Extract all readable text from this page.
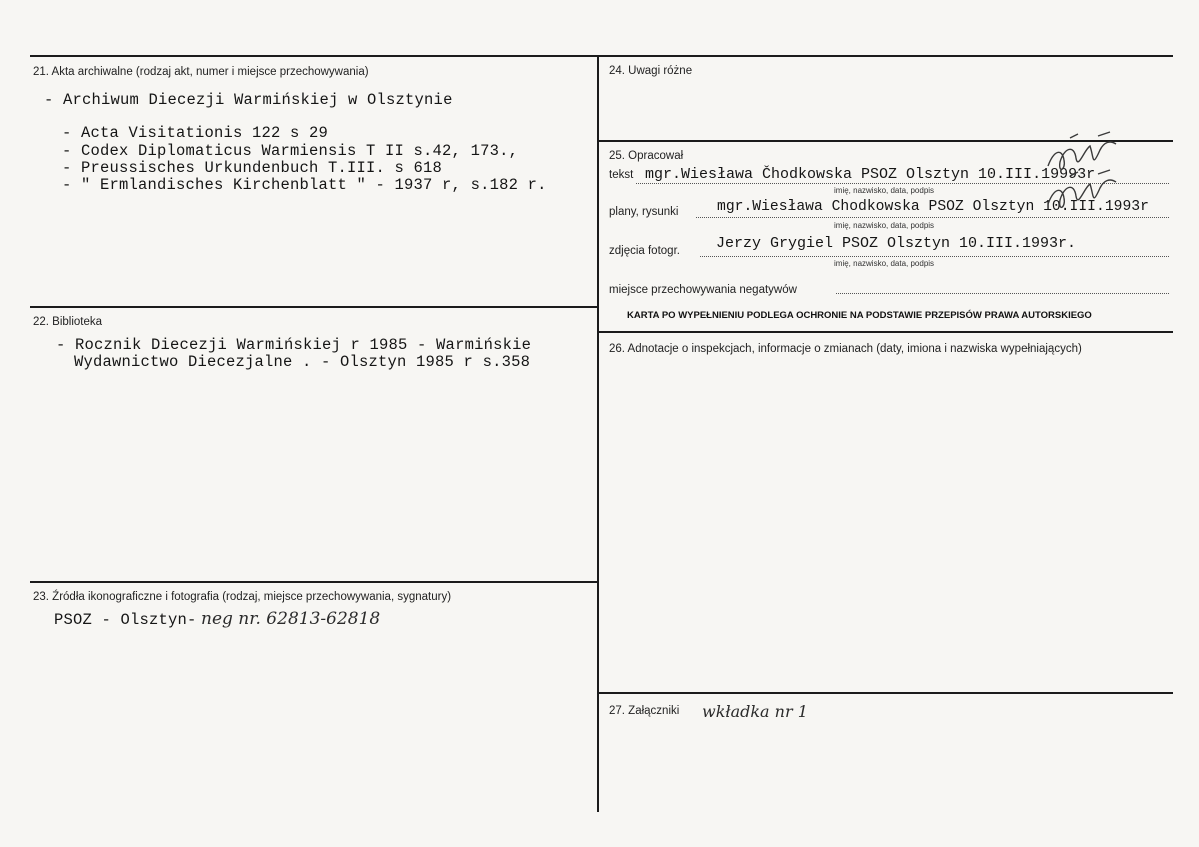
21. Akta archiwalne (rodzaj akt, numer i miejsce przechowywania)
- Archiwum Diecezji Warmińskiej w Olsztynie
- Acta Visitationis 122 s 29
- Codex Diplomaticus Warmiensis T II s.42, 173.,
- Preussisches Urkundenbuch T.III. s 618
- " Ermlandisches Kirchenblatt " - 1937 r, s.182 r.
22. Biblioteka
- Rocznik Diecezji Warmińskiej r 1985 - Warmińskie
Wydawnictwo Diecezjalne . - Olsztyn 1985 r s.358
23. Źródła ikonograficzne i fotografia (rodzaj, miejsce przechowywania, sygnatury)
PSOZ - Olsztyn- neg nr. 62813-62818
24. Uwagi różne
25. Opracował
tekst mgr.Wiesława Čhodkowska PSOZ Olsztyn 10.III.19993r
imię, nazwisko, data, podpis
plany, rysunki	mgr.Wiesława Chodkowska PSOZ Olsztyn 10.III.1993r
imię, nazwisko, data, podpis
zdjęcia fotogr. Jerzy Grygiel PSOZ Olsztyn 10.III.1993r.
imię, nazwisko, data, podpis
miejsce przechowywania negatywów
KARTA PO WYPEŁNIENIU PODLEGA OCHRONIE NA PODSTAWIE PRZEPISÓW PRAWA AUTORSKIEGO
26. Adnotacje o inspekcjach, informacje o zmianach (daty, imiona i nazwiska wypełniających)
27. Załączniki wkładka nr 1
